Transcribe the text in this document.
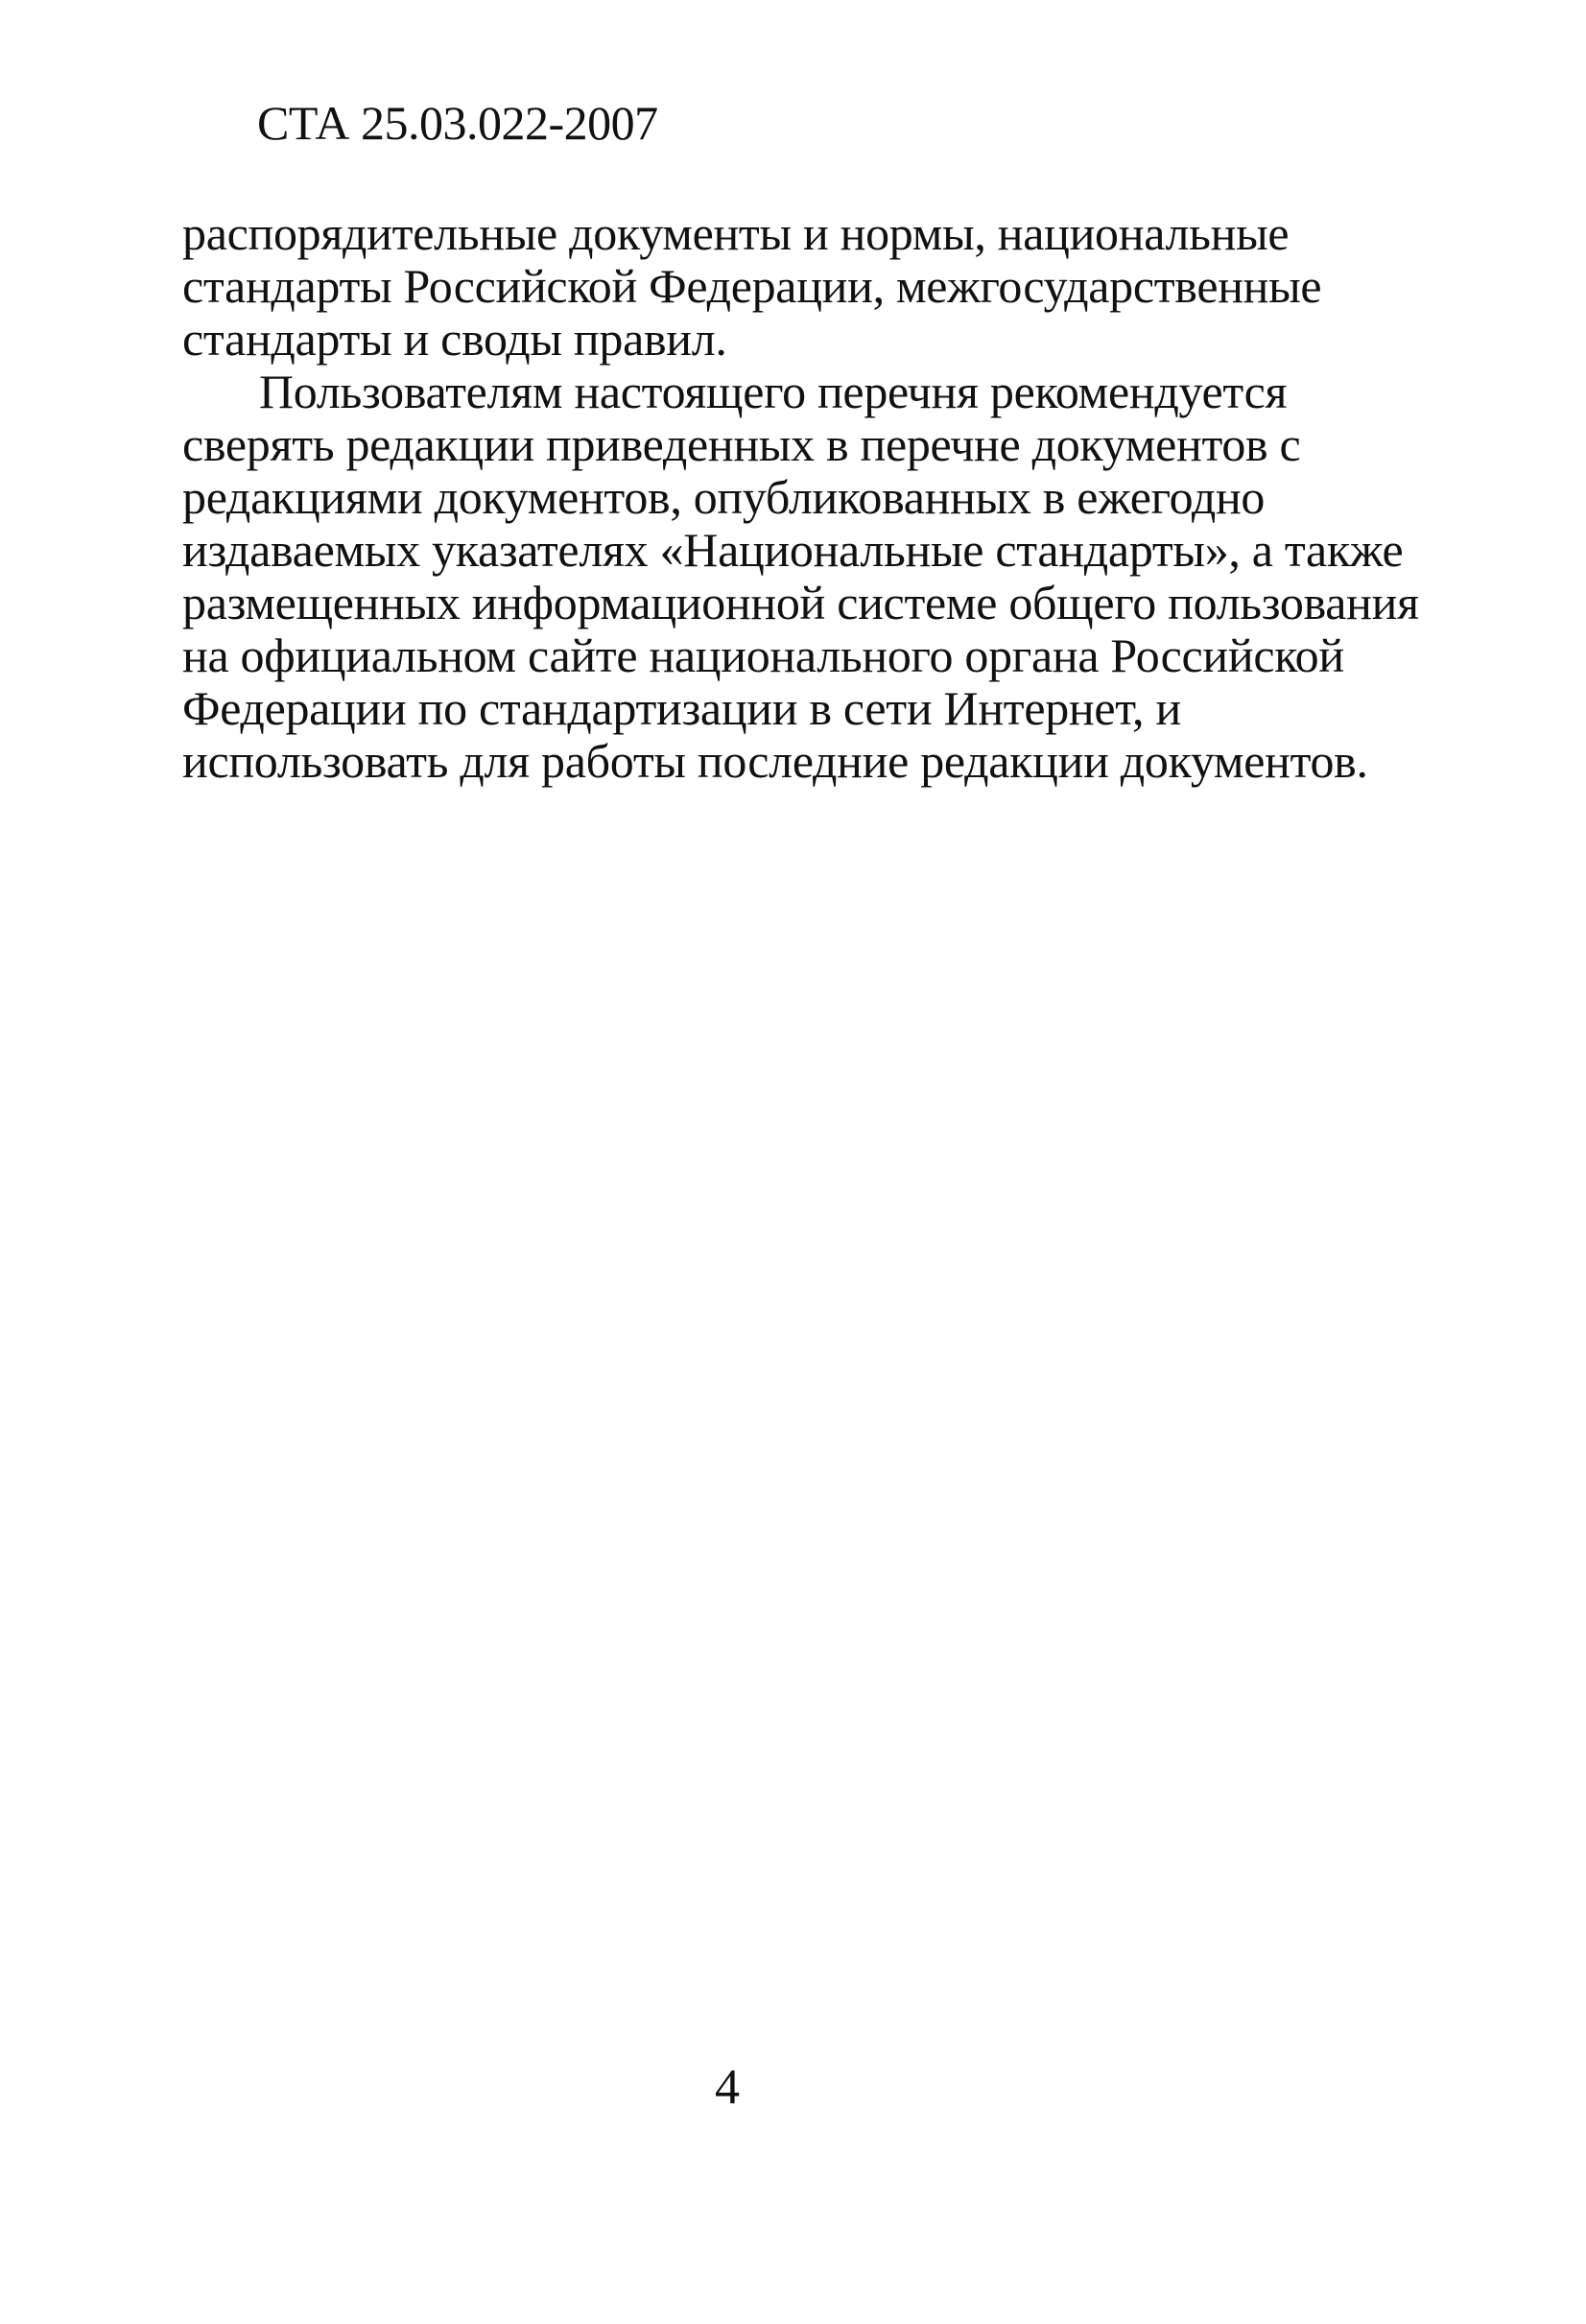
СТА 25.03.022-2007
распорядительные документы и нормы, национальные
стандарты Российской Федерации, межгосударственные
стандарты и своды правил.
Пользователям настоящего перечня рекомендуется
сверять редакции приведенных в перечне документов с
редакциями документов, опубликованных в ежегодно
издаваемых указателях «Национальные стандарты», а также
размещенных информационной системе общего пользования
на официальном сайте национального органа Российской
Федерации по стандартизации в сети Интернет, и
использовать для работы последние редакции документов.
4
